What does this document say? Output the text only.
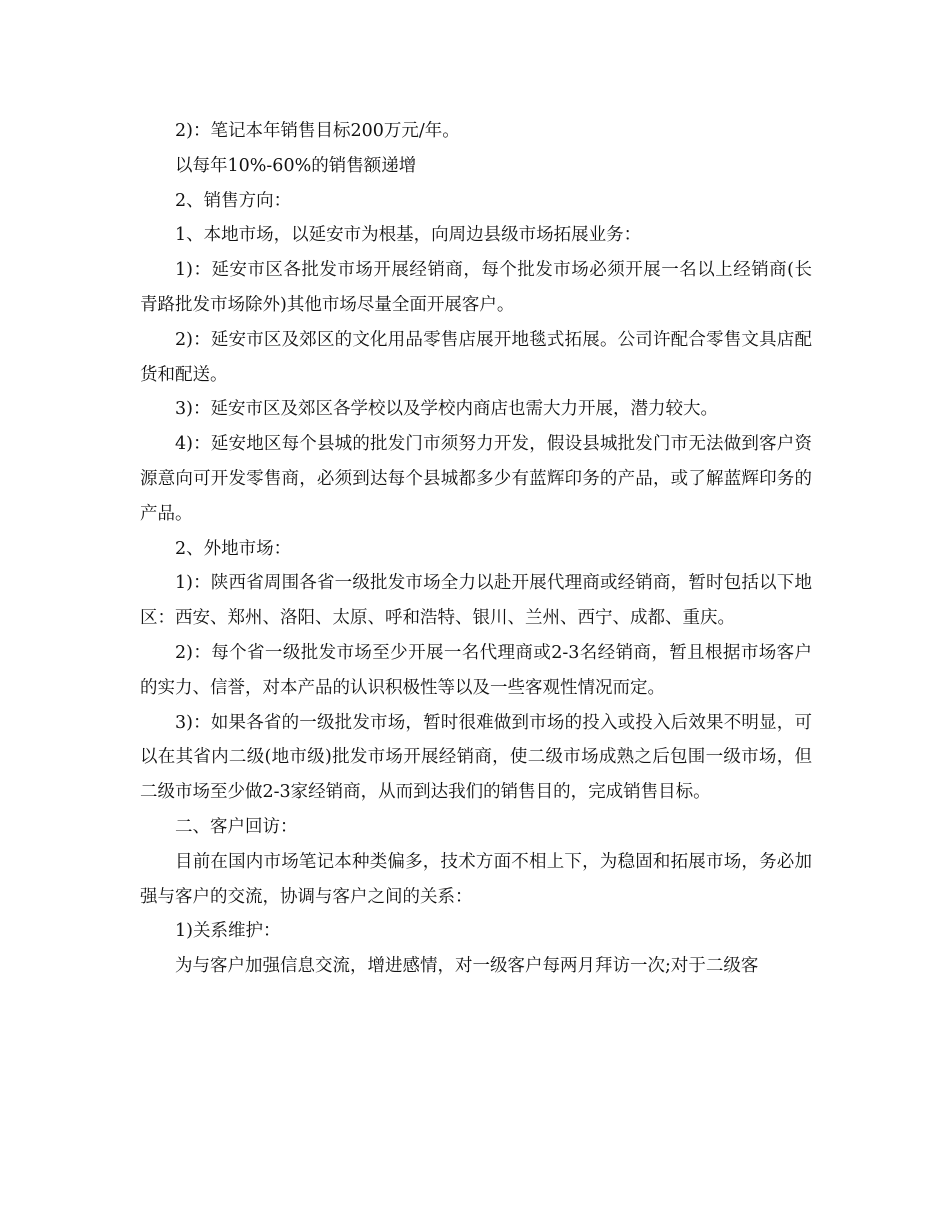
2)：笔记本年销售目标200万元/年。

以每年10%-60%的销售额递增

2、销售方向：

1、本地市场，以延安市为根基，向周边县级市场拓展业务：

1)：延安市区各批发市场开展经销商，每个批发市场必须开展一名以上经销商(长青路批发市场除外)其他市场尽量全面开展客户。

2)：延安市区及郊区的文化用品零售店展开地毯式拓展。公司许配合零售文具店配货和配送。

3)：延安市区及郊区各学校以及学校内商店也需大力开展，潜力较大。

4)：延安地区每个县城的批发门市须努力开发，假设县城批发门市无法做到客户资源意向可开发零售商，必须到达每个县城都多少有蓝辉印务的产品，或了解蓝辉印务的产品。

2、外地市场：

1)：陕西省周围各省一级批发市场全力以赴开展代理商或经销商，暂时包括以下地区：西安、郑州、洛阳、太原、呼和浩特、银川、兰州、西宁、成都、重庆。

2)：每个省一级批发市场至少开展一名代理商或2-3名经销商，暂且根据市场客户的实力、信誉，对本产品的认识积极性等以及一些客观性情况而定。

3)：如果各省的一级批发市场，暂时很难做到市场的投入或投入后效果不明显，可以在其省内二级(地市级)批发市场开展经销商，使二级市场成熟之后包围一级市场，但二级市场至少做2-3家经销商，从而到达我们的销售目的，完成销售目标。

二、客户回访：

目前在国内市场笔记本种类偏多，技术方面不相上下，为稳固和拓展市场，务必加强与客户的交流，协调与客户之间的关系：

1)关系维护：

为与客户加强信息交流，增进感情，对一级客户每两月拜访一次;对于二级客
